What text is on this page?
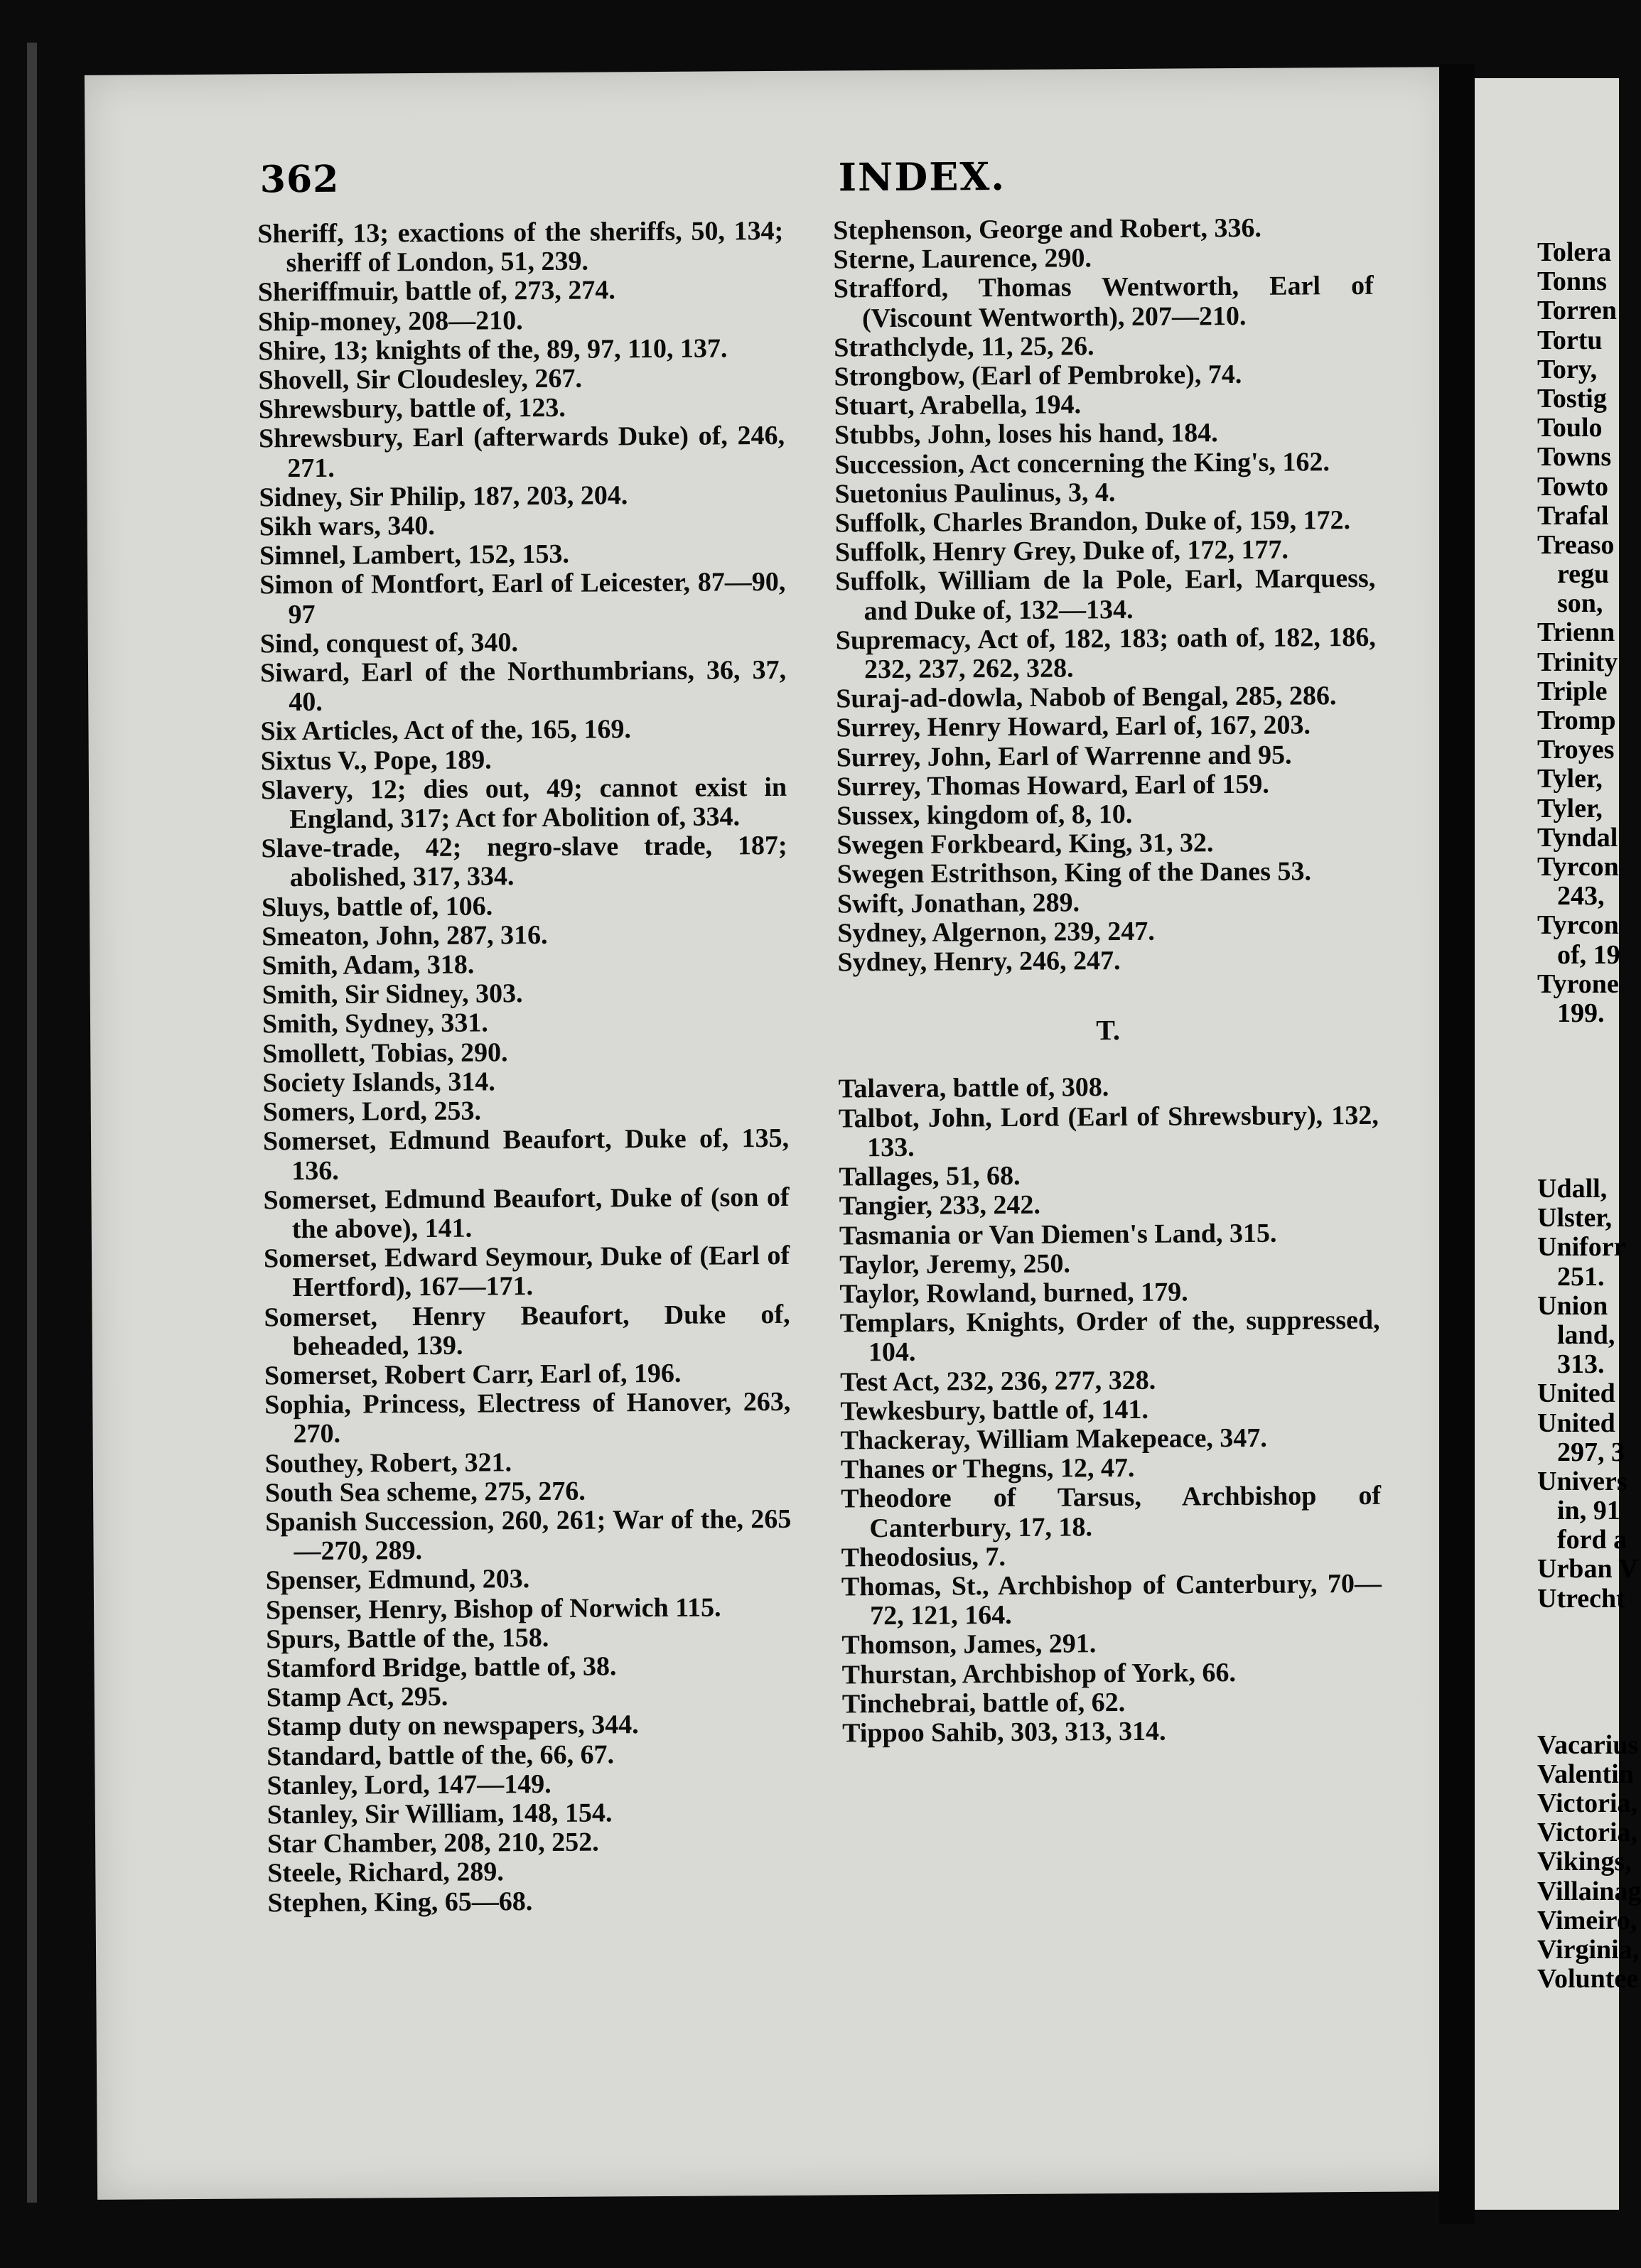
362	INDEX.

Sheriff, 13; exactions of the sheriffs, 50, 134; sheriff of London, 51, 239.

Sheriffmuir, battle of, 273, 274.

Ship-money, 208—210.

Shire, 13; knights of the, 89, 97, 110, 137.

Shovell, Sir Cloudesley, 267.

Shrewsbury, battle of, 123.

Shrewsbury, Earl (afterwards Duke) of, 246, 271.

Sidney, Sir Philip, 187, 203, 204.

Sikh wars, 340.

Simnel, Lambert, 152, 153.

Simon of Montfort, Earl of Leicester, 87—90, 97

Sind, conquest of, 340.

Siward, Earl of the Northumbrians, 36, 37, 40.

Six Articles, Act of the, 165, 169.

Sixtus V., Pope, 189.

Slavery, 12; dies out, 49; cannot exist in England, 317; Act for Abolition of, 334.

Slave-trade, 42; negro-slave trade, 187; abolished, 317, 334.

Sluys, battle of, 106.

Smeaton, John, 287, 316.

Smith, Adam, 318.

Smith, Sir Sidney, 303.

Smith, Sydney, 331.

Smollett, Tobias, 290.

Society Islands, 314.

Somers, Lord, 253.

Somerset, Edmund Beaufort, Duke of, 135, 136.

Somerset, Edmund Beaufort, Duke of (son of the above), 141.

Somerset, Edward Seymour, Duke of (Earl of Hertford), 167—171.

Somerset, Henry Beaufort, Duke of, beheaded, 139.

Somerset, Robert Carr, Earl of, 196.

Sophia, Princess, Electress of Hanover, 263, 270.

Southey, Robert, 321.

South Sea scheme, 275, 276.

Spanish Succession, 260, 261; War of the, 265—270, 289.

Spenser, Edmund, 203.

Spenser, Henry, Bishop of Norwich 115.

Spurs, Battle of the, 158.

Stamford Bridge, battle of, 38.

Stamp Act, 295.

Stamp duty on newspapers, 344.

Standard, battle of the, 66, 67.

Stanley, Lord, 147—149.

Stanley, Sir William, 148, 154.

Star Chamber, 208, 210, 252.

Steele, Richard, 289.

Stephen, King, 65—68.

Stephenson, George and Robert, 336.

Sterne, Laurence, 290.

Strafford, Thomas Wentworth, Earl of (Viscount Wentworth), 207—210.

Strathclyde, 11, 25, 26.

Strongbow, (Earl of Pembroke), 74.

Stuart, Arabella, 194.

Stubbs, John, loses his hand, 184.

Succession, Act concerning the King's, 162.

Suetonius Paulinus, 3, 4.

Suffolk, Charles Brandon, Duke of, 159, 172.

Suffolk, Henry Grey, Duke of, 172, 177.

Suffolk, William de la Pole, Earl, Marquess, and Duke of, 132—134.

Supremacy, Act of, 182, 183; oath of, 182, 186, 232, 237, 262, 328.

Suraj-ad-dowla, Nabob of Bengal, 285, 286.

Surrey, Henry Howard, Earl of, 167, 203.

Surrey, John, Earl of Warrenne and 95.

Surrey, Thomas Howard, Earl of 159.

Sussex, kingdom of, 8, 10.

Swegen Forkbeard, King, 31, 32.

Swegen Estrithson, King of the Danes 53.

Swift, Jonathan, 289.

Sydney, Algernon, 239, 247.

Sydney, Henry, 246, 247.

T.

Talavera, battle of, 308.

Talbot, John, Lord (Earl of Shrewsbury), 132, 133.

Tallages, 51, 68.

Tangier, 233, 242.

Tasmania or Van Diemen's Land, 315.

Taylor, Jeremy, 250.

Taylor, Rowland, burned, 179.

Templars, Knights, Order of the, suppressed, 104.

Test Act, 232, 236, 277, 328.

Tewkesbury, battle of, 141.

Thackeray, William Makepeace, 347.

Thanes or Thegns, 12, 47.

Theodore of Tarsus, Archbishop of Canterbury, 17, 18.

Theodosius, 7.

Thomas, St., Archbishop of Canterbury, 70—72, 121, 164.

Thomson, James, 291.

Thurstan, Archbishop of York, 66.

Tinchebrai, battle of, 62.

Tippoo Sahib, 303, 313, 314.

Tolera
Tonns
Torren
Tortu
Tory,
Tostig
Toulo
Towns
Towto
Trafal
Treaso
regu
son,
Trienn
Trinity
Triple
Tromp
Troyes
Tyler,
Tyler,
Tyndal
Tyrcon
243,
Tyrcon
of, 19
Tyrone
199.
Udall,
Ulster,
Uniforr
251.
Union
land,
313.
United
United
297, 3
Univers
in, 91
ford a
Urban V
Utrecht
Vacarius
Valentin
Victoria,
Victoria,
Vikings,
Villainag
Vimeiro,
Virginia,
Voluntee
